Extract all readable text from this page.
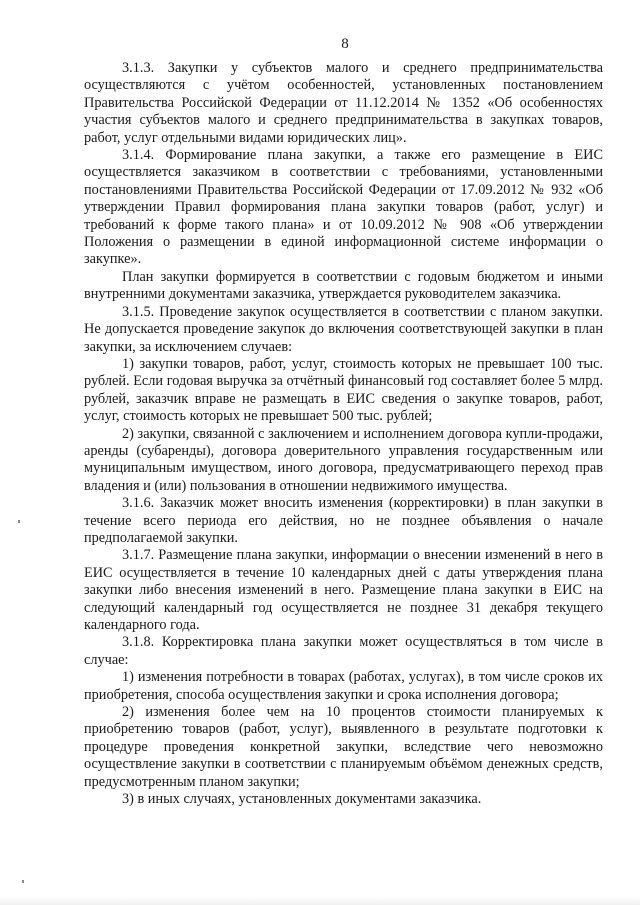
8

3.1.3. Закупки у субъектов малого и среднего предпринимательства осуществляются с учётом особенностей, установленных постановлением Правительства Российской Федерации от 11.12.2014 № 1352 «Об особенностях участия субъектов малого и среднего предпринимательства в закупках товаров, работ, услуг отдельными видами юридических лиц».

3.1.4. Формирование плана закупки, а также его размещение в ЕИС осуществляется заказчиком в соответствии с требованиями, установленными постановлениями Правительства Российской Федерации от 17.09.2012 № 932 «Об утверждении Правил формирования плана закупки товаров (работ, услуг) и требований к форме такого плана» и от 10.09.2012 № 908 «Об утверждении Положения о размещении в единой информационной системе информации о закупке».

План закупки формируется в соответствии с годовым бюджетом и иными внутренними документами заказчика, утверждается руководителем заказчика.

3.1.5. Проведение закупок осуществляется в соответствии с планом закупки. Не допускается проведение закупок до включения соответствующей закупки в план закупки, за исключением случаев:

1) закупки товаров, работ, услуг, стоимость которых не превышает 100 тыс. рублей. Если годовая выручка за отчётный финансовый год составляет более 5 млрд. рублей, заказчик вправе не размещать в ЕИС сведения о закупке товаров, работ, услуг, стоимость которых не превышает 500 тыс. рублей;

2) закупки, связанной с заключением и исполнением договора купли-продажи, аренды (субаренды), договора доверительного управления государственным или муниципальным имуществом, иного договора, предусматривающего переход прав владения и (или) пользования в отношении недвижимого имущества.

3.1.6. Заказчик может вносить изменения (корректировки) в план закупки в течение всего периода его действия, но не позднее объявления о начале предполагаемой закупки.

3.1.7. Размещение плана закупки, информации о внесении изменений в него в ЕИС осуществляется в течение 10 календарных дней с даты утверждения плана закупки либо внесения изменений в него. Размещение плана закупки в ЕИС на следующий календарный год осуществляется не позднее 31 декабря текущего календарного года.

3.1.8. Корректировка плана закупки может осуществляться в том числе в случае:

1) изменения потребности в товарах (работах, услугах), в том числе сроков их приобретения, способа осуществления закупки и срока исполнения договора;

2) изменения более чем на 10 процентов стоимости планируемых к приобретению товаров (работ, услуг), выявленного в результате подготовки к процедуре проведения конкретной закупки, вследствие чего невозможно осуществление закупки в соответствии с планируемым объёмом денежных средств, предусмотренным планом закупки;

3) в иных случаях, установленных документами заказчика.
